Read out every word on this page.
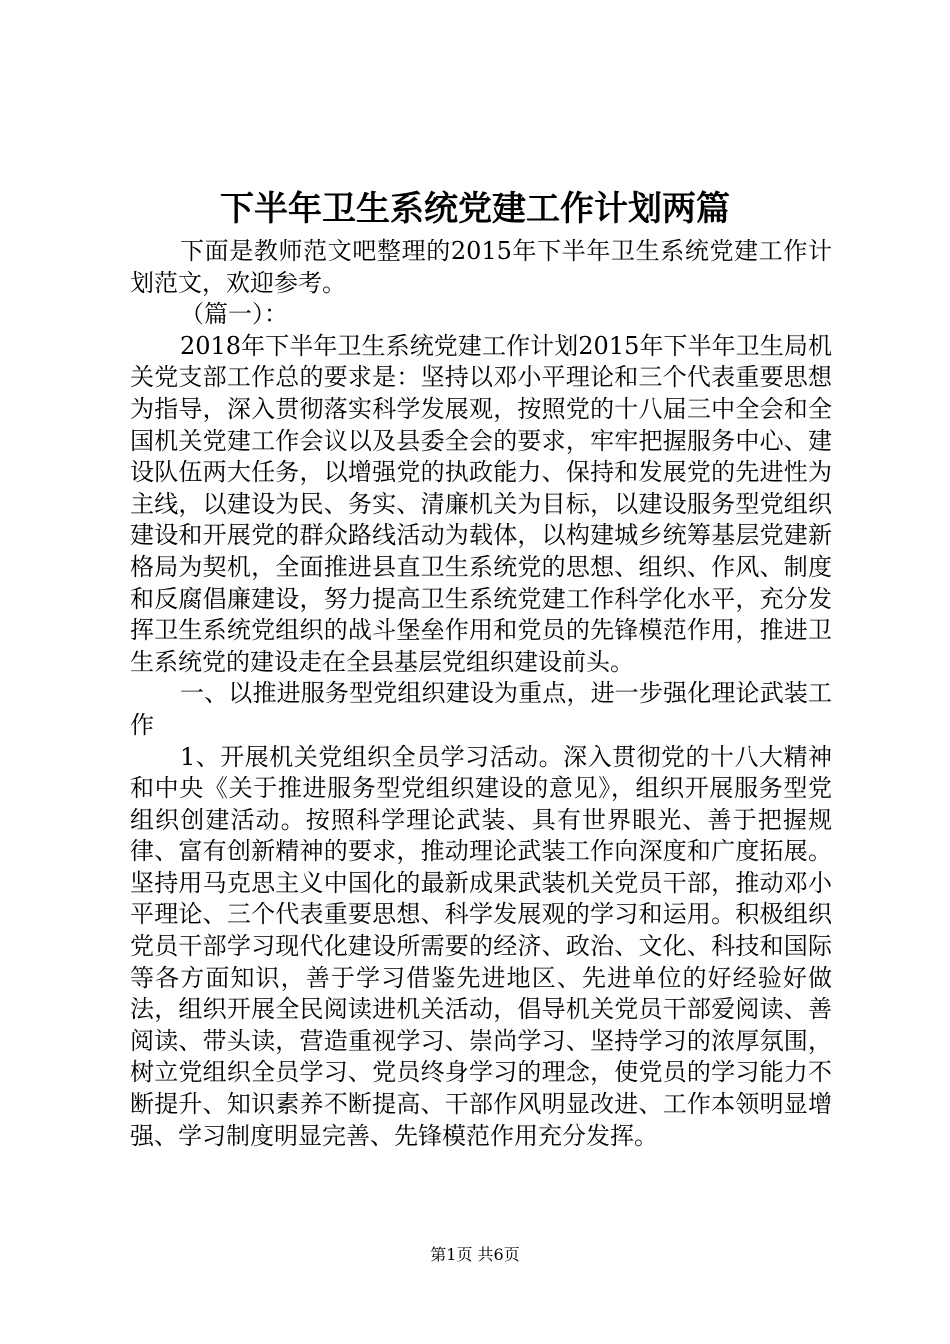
下半年卫生系统党建工作计划两篇

下面是教师范文吧整理的2015年下半年卫生系统党建工作计划范文，欢迎参考。

（篇一）：

2018年下半年卫生系统党建工作计划2015年下半年卫生局机关党支部工作总的要求是：坚持以邓小平理论和三个代表重要思想为指导，深入贯彻落实科学发展观，按照党的十八届三中全会和全国机关党建工作会议以及县委全会的要求，牢牢把握服务中心、建设队伍两大任务，以增强党的执政能力、保持和发展党的先进性为主线，以建设为民、务实、清廉机关为目标，以建设服务型党组织建设和开展党的群众路线活动为载体，以构建城乡统筹基层党建新格局为契机，全面推进县直卫生系统党的思想、组织、作风、制度和反腐倡廉建设，努力提高卫生系统党建工作科学化水平，充分发挥卫生系统党组织的战斗堡垒作用和党员的先锋模范作用，推进卫生系统党的建设走在全县基层党组织建设前头。

一、以推进服务型党组织建设为重点，进一步强化理论武装工作

1、开展机关党组织全员学习活动。深入贯彻党的十八大精神和中央《关于推进服务型党组织建设的意见》，组织开展服务型党组织创建活动。按照科学理论武装、具有世界眼光、善于把握规律、富有创新精神的要求，推动理论武装工作向深度和广度拓展。坚持用马克思主义中国化的最新成果武装机关党员干部，推动邓小平理论、三个代表重要思想、科学发展观的学习和运用。积极组织党员干部学习现代化建设所需要的经济、政治、文化、科技和国际等各方面知识，善于学习借鉴先进地区、先进单位的好经验好做法，组织开展全民阅读进机关活动，倡导机关党员干部爱阅读、善阅读、带头读，营造重视学习、崇尚学习、坚持学习的浓厚氛围，树立党组织全员学习、党员终身学习的理念，使党员的学习能力不断提升、知识素养不断提高、干部作风明显改进、工作本领明显增强、学习制度明显完善、先锋模范作用充分发挥。

第1页 共6页
